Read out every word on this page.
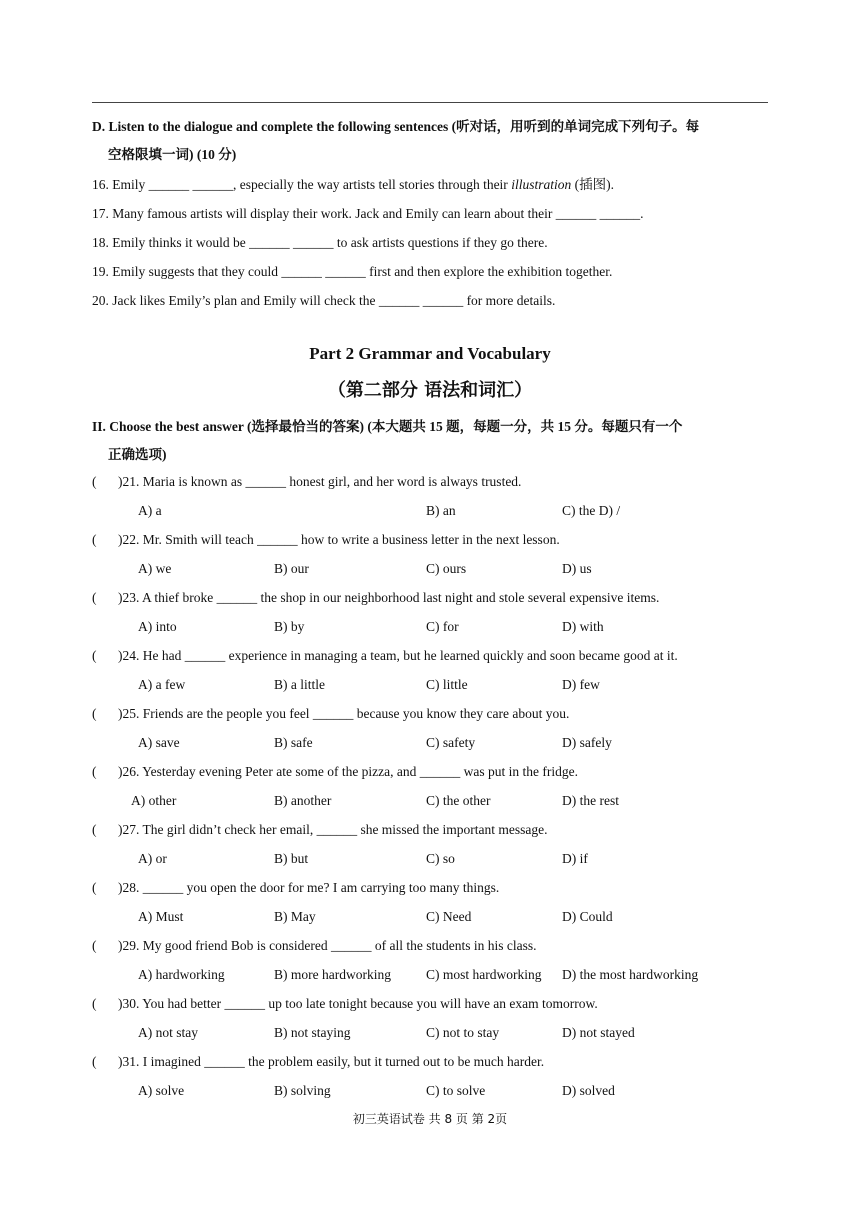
D. Listen to the dialogue and complete the following sentences (听对话，用听到的单词完成下列句子。每
空格限填一词) (10 分)
16. Emily ______ ______, especially the way artists tell stories through their illustration (插图).
17. Many famous artists will display their work. Jack and Emily can learn about their ______ ______.
18. Emily thinks it would be ______ ______ to ask artists questions if they go there.
19. Emily suggests that they could ______ ______ first and then explore the exhibition together.
20. Jack likes Emily’s plan and Emily will check the ______ ______ for more details.
Part 2 Grammar and Vocabulary
（第二部分 语法和词汇）
II. Choose the best answer (选择最恰当的答案) (本大题共 15 题，每题一分，共 15 分。每题只有一个
正确选项)
( )21. Maria is known as ______ honest girl, and her word is always trusted.
A) a	B) an	C) the D) /
( )22. Mr. Smith will teach ______ how to write a business letter in the next lesson.
A) we	B) our	C) ours	D) us
( )23. A thief broke ______ the shop in our neighborhood last night and stole several expensive items.
A) into	B) by	C) for	D) with
( )24. He had ______ experience in managing a team, but he learned quickly and soon became good at it.
A) a few	B) a little	C) little	D) few
( )25. Friends are the people you feel ______ because you know they care about you.
A) save	B) safe	C) safety	D) safely
( )26. Yesterday evening Peter ate some of the pizza, and ______ was put in the fridge.
A) other	B) another	C) the other	D) the rest
( )27. The girl didn’t check her email, ______ she missed the important message.
A) or	B) but	C) so	D) if
( )28. ______ you open the door for me? I am carrying too many things.
A) Must	B) May	C) Need	D) Could
( )29. My good friend Bob is considered ______ of all the students in his class.
A) hardworking	B) more hardworking	C) most hardworking D) the most hardworking
( )30. You had better ______ up too late tonight because you will have an exam tomorrow.
A) not stay	B) not staying	C) not to stay	D) not stayed
( )31. I imagined ______ the problem easily, but it turned out to be much harder.
A) solve	B) solving	C) to solve	D) solved
初三英语试卷 共 8 页 第 2页
